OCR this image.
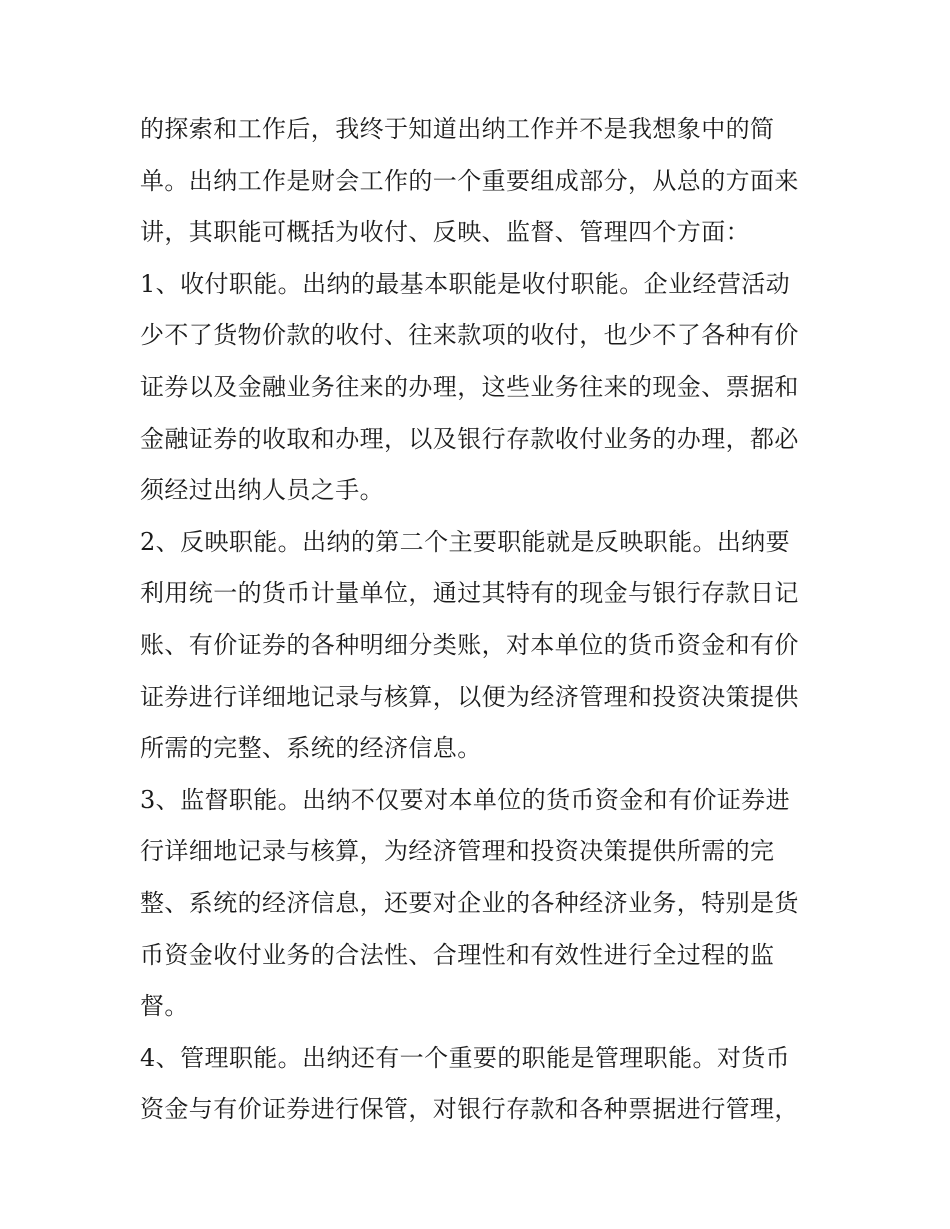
的探索和工作后，我终于知道出纳工作并不是我想象中的简
单。出纳工作是财会工作的一个重要组成部分，从总的方面来
讲，其职能可概括为收付、反映、监督、管理四个方面：
1、收付职能。出纳的最基本职能是收付职能。企业经营活动
少不了货物价款的收付、往来款项的收付，也少不了各种有价
证券以及金融业务往来的办理，这些业务往来的现金、票据和
金融证券的收取和办理，以及银行存款收付业务的办理，都必
须经过出纳人员之手。
2、反映职能。出纳的第二个主要职能就是反映职能。出纳要
利用统一的货币计量单位，通过其特有的现金与银行存款日记
账、有价证券的各种明细分类账，对本单位的货币资金和有价
证券进行详细地记录与核算，以便为经济管理和投资决策提供
所需的完整、系统的经济信息。
3、监督职能。出纳不仅要对本单位的货币资金和有价证券进
行详细地记录与核算，为经济管理和投资决策提供所需的完
整、系统的经济信息，还要对企业的各种经济业务，特别是货
币资金收付业务的合法性、合理性和有效性进行全过程的监
督。
4、管理职能。出纳还有一个重要的职能是管理职能。对货币
资金与有价证券进行保管，对银行存款和各种票据进行管理，
